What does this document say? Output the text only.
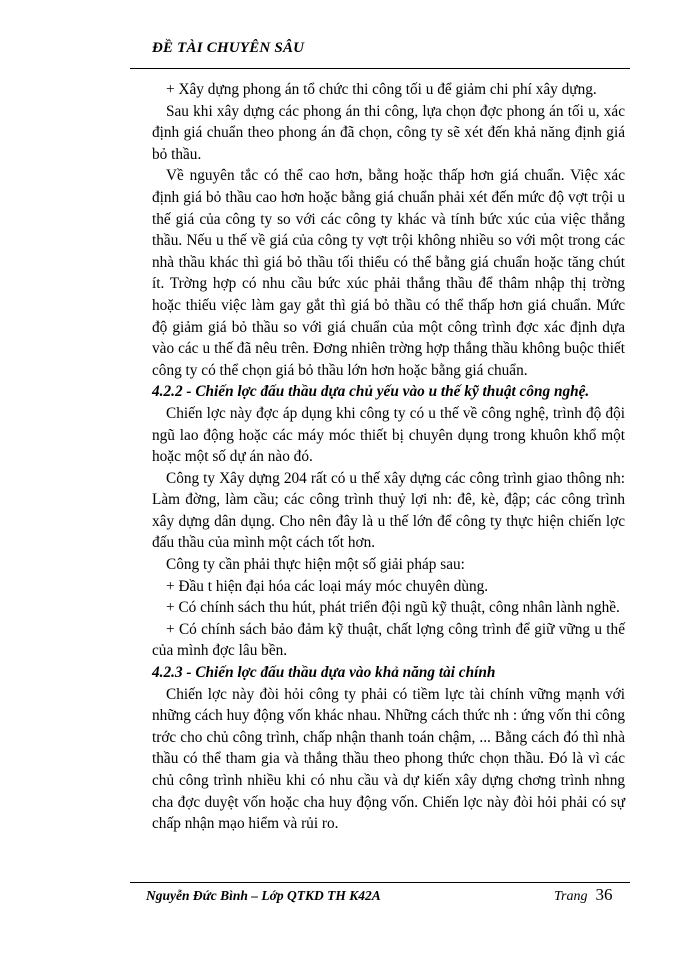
ĐỀ TÀI CHUYÊN SÂU

+ Xây dựng phong án tổ chức thi công tối u để giảm chi phí xây dựng.

Sau khi xây dựng các phong án thi công, lựa chọn đợc phong án tối u, xác định giá chuẩn theo phong án đã chọn, công ty sẽ xét đến khả năng định giá bỏ thầu.

Về nguyên tắc có thể cao hơn, bằng hoặc thấp hơn giá chuẩn. Việc xác định giá bỏ thầu cao hơn hoặc bằng giá chuẩn phải xét đến mức độ vợt trội u thế giá của công ty so với các công ty khác và tính bức xúc của việc thắng thầu. Nếu u thế về giá của công ty vợt trội không nhiều so với một trong các nhà thầu khác thì giá bỏ thầu tối thiểu có thể bằng giá chuẩn hoặc tăng chút ít. Trờng hợp có nhu cầu bức xúc phải thắng thầu để thâm nhập thị trờng hoặc thiếu việc làm gay gắt thì giá bỏ thầu có thể thấp hơn giá chuẩn. Mức độ giảm giá bỏ thầu so với giá chuẩn của một công trình đợc xác định dựa vào các u thế đã nêu trên. Đơng nhiên trờng hợp thắng thầu không buộc thiết công ty có thể chọn giá bỏ thầu lớn hơn hoặc bằng giá chuẩn.

4.2.2 - Chiến lợc đấu thầu dựa chủ yếu vào u thế kỹ thuật công nghệ.

Chiến lợc này đợc áp dụng khi công ty có u thế về công nghệ, trình độ đội ngũ lao động hoặc các máy móc thiết bị chuyên dụng trong khuôn khổ một hoặc một số dự án nào đó.

Công ty Xây dựng 204 rất có u thế xây dựng các công trình giao thông nh: Làm đờng, làm cầu; các công trình thuỷ lợi nh: đê, kè, đập; các công trình xây dựng dân dụng. Cho nên đây là u thế lớn để công ty thực hiện chiến lợc đấu thầu của mình một cách tốt hơn.

Công ty cần phải thực hiện một số giải pháp sau:

+ Đầu t hiện đại hóa các loại máy móc chuyên dùng.

+ Có chính sách thu hút, phát triển đội ngũ kỹ thuật, công nhân lành nghề.

+ Có chính sách bảo đảm kỹ thuật, chất lợng công trình để giữ vững u thế của mình đợc lâu bền.

4.2.3 - Chiến lợc đấu thầu dựa vào khả năng tài chính

Chiến lợc này đòi hỏi công ty phải có tiềm lực tài chính vững mạnh với những cách huy động vốn khác nhau. Những cách thức nh : ứng vốn thi công trớc cho chủ công trình, chấp nhận thanh toán chậm, ... Bằng cách đó thì nhà thầu có thể tham gia và thắng thầu theo phong thức chọn thầu. Đó là vì các chủ công trình nhiều khi có nhu cầu và dự kiến xây dựng chơng trình nhng cha đợc duyệt vốn hoặc cha huy động vốn. Chiến lợc này đòi hỏi phải có sự chấp nhận mạo hiểm và rủi ro.

Nguyễn Đức Bình – Lớp QTKD TH K42A	Trang 36
